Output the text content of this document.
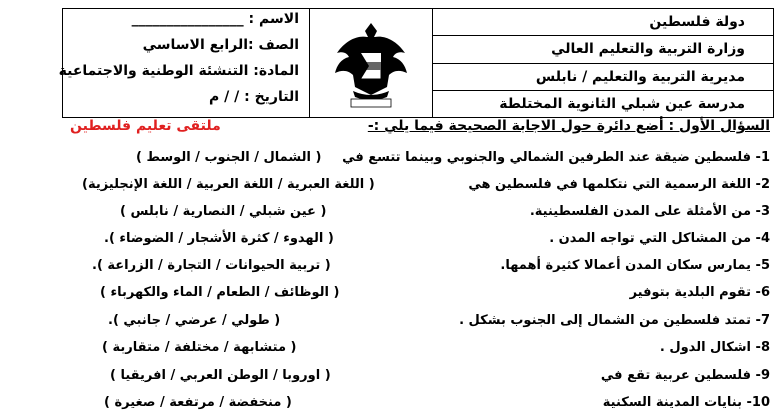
دولة فلسطين
وزارة التربية والتعليم العالي
مديرية التربية والتعليم / نابلس
مدرسة عين شبلي الثانوية المختلطة
الاسم : ________________
الصف :الرابع الاساسي
المادة: التنشئة الوطنية والاجتماعية
التاريخ : / / م
السؤال الأول : أضع دائرة حول الاجابة الصحيحة فيما يلي :-
ملتقى تعليم فلسطين
1- فلسطين ضيقة عند الطرفين الشمالي والجنوبي وبينما تتسع في
( الشمال / الجنوب / الوسط )
2- اللغة الرسمية التي نتكلمها في فلسطين هي
( اللغة العبرية / اللغة العربية / اللغة الإنجليزية)
3- من الأمثلة على المدن الفلسطينية.
( عين شبلي / النصارية / نابلس )
4- من المشاكل التي تواجه المدن .
( الهدوء / كثرة الأشجار / الضوضاء ).
5- يمارس سكان المدن أعمالا كثيرة أهمها.
( تربية الحيوانات / التجارة / الزراعة ).
6- تقوم البلدية بتوفير
( الوظائف / الطعام / الماء والكهرباء )
7- تمتد فلسطين من الشمال إلى الجنوب بشكل .
( طولي / عرضي / جانبي ).
8- اشكال الدول .
( متشابهة / مختلفة / متقاربة )
9- فلسطين عربية تقع في
( اوروبا / الوطن العربي / افريقيا )
10- بنايات المدينة السكنية
( منخفضة / مرتفعة / صغيرة )
